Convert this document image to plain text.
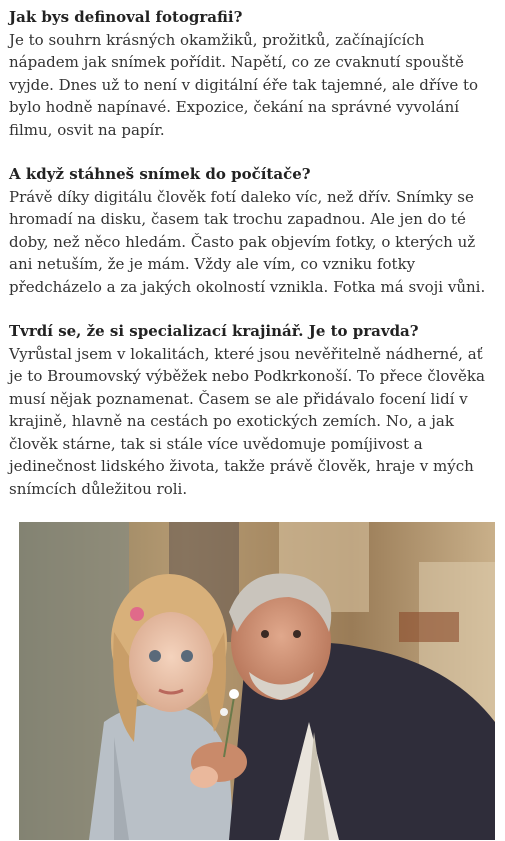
Jak bys definoval fotografii?

Je to souhrn krásných okamžiků, prožitků, začínajících nápadem jak snímek pořídit. Napětí, co ze cvaknutí spouště vyjde. Dnes už to není v digitální éře tak tajemné, ale dříve to bylo hodně napínavé. Expozice, čekání na správné vyvolání filmu, osvit na papír.

A když stáhneš snímek do počítače?

Právě díky digitálu člověk fotí daleko víc, než dřív. Snímky se hromadí na disku, časem tak trochu zapadnou. Ale jen do té doby, než něco hledám. Často pak objevím fotky, o kterých už ani netuším, že je mám. Vždy ale vím, co vzniku fotky předcházelo a za jakých okolností vznikla. Fotka má svoji vůni.

Tvrdí se, že si specializací krajinář. Je to pravda?

Vyrůstal jsem v lokalitách, které jsou nevěřitelně nádherné, ať je to Broumovský výběžek nebo Podkrkonoší. To přece člověka musí nějak poznamenat. Časem se ale přidávalo focení lidí v krajině, hlavně na cestách po exotických zemích. No, a jak člověk stárne, tak si stále více uvědomuje pomíjivost a jedinečnost lidského života, takže právě člověk, hraje v mých snímcích důležitou roli.
